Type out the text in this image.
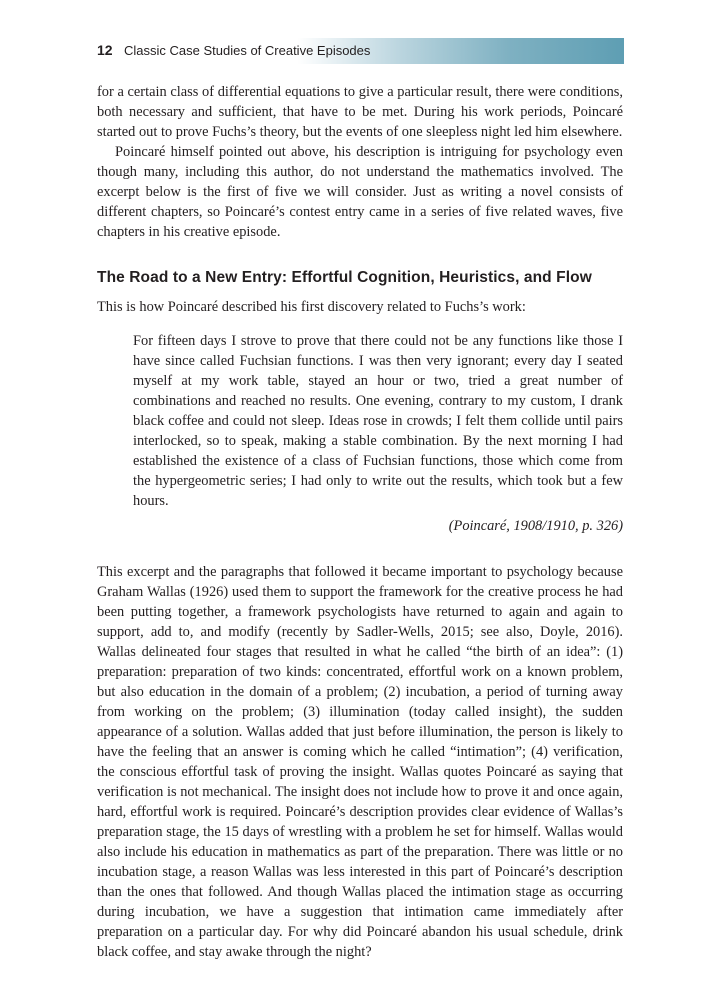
12 Classic Case Studies of Creative Episodes

for a certain class of differential equations to give a particular result, there were conditions, both necessary and sufficient, that have to be met. During his work periods, Poincaré started out to prove Fuchs’s theory, but the events of one sleepless night led him elsewhere.

Poincaré himself pointed out above, his description is intriguing for psychology even though many, including this author, do not understand the mathematics involved. The excerpt below is the first of five we will consider. Just as writing a novel consists of different chapters, so Poincaré’s contest entry came in a series of five related waves, five chapters in his creative episode.

The Road to a New Entry: Effortful Cognition, Heuristics, and Flow

This is how Poincaré described his first discovery related to Fuchs’s work:

For fifteen days I strove to prove that there could not be any functions like those I have since called Fuchsian functions. I was then very ignorant; every day I seated myself at my work table, stayed an hour or two, tried a great number of combinations and reached no results. One evening, contrary to my custom, I drank black coffee and could not sleep. Ideas rose in crowds; I felt them collide until pairs interlocked, so to speak, making a stable combination. By the next morning I had established the existence of a class of Fuchsian functions, those which come from the hypergeometric series; I had only to write out the results, which took but a few hours.
(Poincaré, 1908/1910, p. 326)

This excerpt and the paragraphs that followed it became important to psychology because Graham Wallas (1926) used them to support the framework for the creative process he had been putting together, a framework psychologists have returned to again and again to support, add to, and modify (recently by Sadler-Wells, 2015; see also, Doyle, 2016). Wallas delineated four stages that resulted in what he called “the birth of an idea”: (1) preparation: preparation of two kinds: concentrated, effortful work on a known problem, but also education in the domain of a problem; (2) incubation, a period of turning away from working on the problem; (3) illumination (today called insight), the sudden appearance of a solution. Wallas added that just before illumination, the person is likely to have the feeling that an answer is coming which he called “intimation”; (4) verification, the conscious effortful task of proving the insight. Wallas quotes Poincaré as saying that verification is not mechanical. The insight does not include how to prove it and once again, hard, effortful work is required. Poincaré’s description provides clear evidence of Wallas’s preparation stage, the 15 days of wrestling with a problem he set for himself. Wallas would also include his education in mathematics as part of the preparation. There was little or no incubation stage, a reason Wallas was less interested in this part of Poincaré’s description than the ones that followed. And though Wallas placed the intimation stage as occurring during incubation, we have a suggestion that intimation came immediately after preparation on a particular day. For why did Poincaré abandon his usual schedule, drink black coffee, and stay awake through the night?
